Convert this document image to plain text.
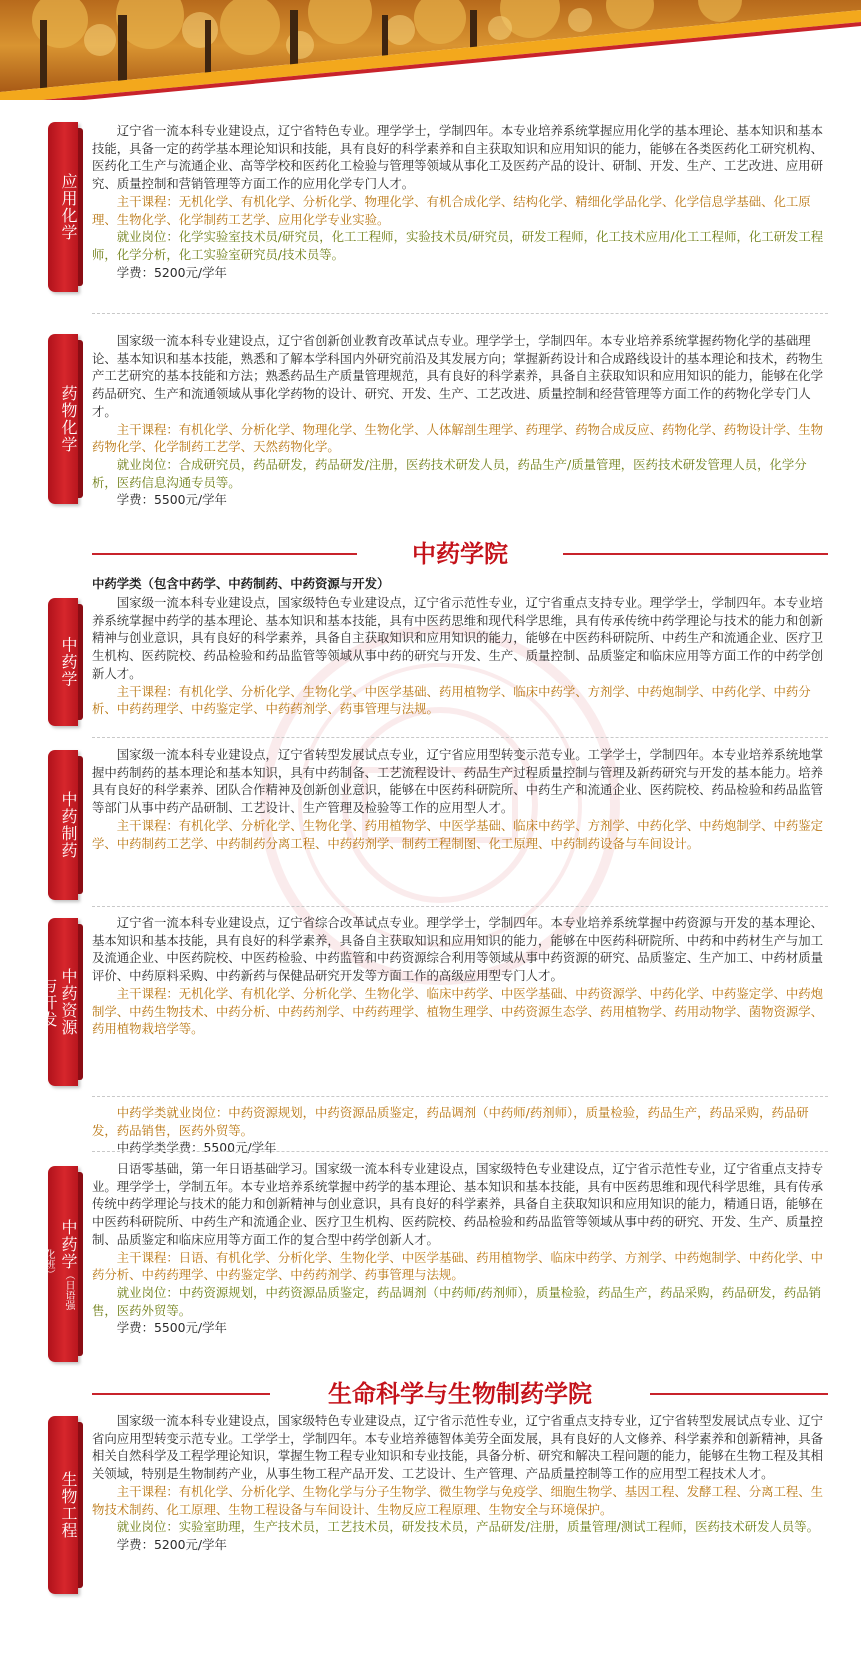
应用化学

辽宁省一流本科专业建设点，辽宁省特色专业。理学学士，学制四年。本专业培养系统掌握应用化学的基本理论、基本知识和基本技能，具备一定的药学基本理论知识和技能，具有良好的科学素养和自主获取知识和应用知识的能力，能够在各类医药化工研究机构、医药化工生产与流通企业、高等学校和医药化工检验与管理等领域从事化工及医药产品的设计、研制、开发、生产、工艺改进、应用研究、质量控制和营销管理等方面工作的应用化学专门人才。

主干课程：无机化学、有机化学、分析化学、物理化学、有机合成化学、结构化学、精细化学品化学、化学信息学基础、化工原理、生物化学、化学制药工艺学、应用化学专业实验。

就业岗位：化学实验室技术员/研究员，化工工程师，实验技术员/研究员，研发工程师，化工技术应用/化工工程师，化工研发工程师，化学分析，化工实验室研究员/技术员等。

学费：5200元/学年

药物化学

国家级一流本科专业建设点，辽宁省创新创业教育改革试点专业。理学学士，学制四年。本专业培养系统掌握药物化学的基础理论、基本知识和基本技能，熟悉和了解本学科国内外研究前沿及其发展方向；掌握新药设计和合成路线设计的基本理论和技术，药物生产工艺研究的基本技能和方法；熟悉药品生产质量管理规范，具有良好的科学素养，具备自主获取知识和应用知识的能力，能够在化学药品研究、生产和流通领域从事化学药物的设计、研究、开发、生产、工艺改进、质量控制和经营管理等方面工作的药物化学专门人才。

主干课程：有机化学、分析化学、物理化学、生物化学、人体解剖生理学、药理学、药物合成反应、药物化学、药物设计学、生物药物化学、化学制药工艺学、天然药物化学。

就业岗位：合成研究员，药品研发，药品研发/注册，医药技术研发人员，药品生产/质量管理，医药技术研发管理人员，化学分析，医药信息沟通专员等。

学费：5500元/学年

中药学院
中药学类（包含中药学、中药制药、中药资源与开发）
中药学

国家级一流本科专业建设点，国家级特色专业建设点，辽宁省示范性专业，辽宁省重点支持专业。理学学士，学制四年。本专业培养系统掌握中药学的基本理论、基本知识和基本技能，具有中医药思维和现代科学思维，具有传承传统中药学理论与技术的能力和创新精神与创业意识，具有良好的科学素养，具备自主获取知识和应用知识的能力，能够在中医药科研院所、中药生产和流通企业、医疗卫生机构、医药院校、药品检验和药品监管等领域从事中药的研究与开发、生产、质量控制、品质鉴定和临床应用等方面工作的中药学创新人才。

主干课程：有机化学、分析化学、生物化学、中医学基础、药用植物学、临床中药学、方剂学、中药炮制学、中药化学、中药分析、中药药理学、中药鉴定学、中药药剂学、药事管理与法规。

中药制药

国家级一流本科专业建设点，辽宁省转型发展试点专业，辽宁省应用型转变示范专业。工学学士，学制四年。本专业培养系统地掌握中药制药的基本理论和基本知识，具有中药制备、工艺流程设计、药品生产过程质量控制与管理及新药研究与开发的基本能力。培养具有良好的科学素养、团队合作精神及创新创业意识，能够在中医药科研院所、中药生产和流通企业、医药院校、药品检验和药品监管等部门从事中药产品研制、工艺设计、生产管理及检验等工作的应用型人才。

主干课程：有机化学、分析化学、生物化学、药用植物学、中医学基础、临床中药学、方剂学、中药化学、中药炮制学、中药鉴定学、中药制药工艺学、中药制药分离工程、中药药剂学、制药工程制图、化工原理、中药制药设备与车间设计。

中药资源与开发

辽宁省一流本科专业建设点，辽宁省综合改革试点专业。理学学士，学制四年。本专业培养系统掌握中药资源与开发的基本理论、基本知识和基本技能，具有良好的科学素养，具备自主获取知识和应用知识的能力，能够在中医药科研院所、中药和中药材生产与加工及流通企业、中医药院校、中医药检验、中药监管和中药资源综合利用等领域从事中药资源的研究、品质鉴定、生产加工、中药材质量评价、中药原料采购、中药新药与保健品研究开发等方面工作的高级应用型专门人才。

主干课程：无机化学、有机化学、分析化学、生物化学、临床中药学、中医学基础、中药资源学、中药化学、中药鉴定学、中药炮制学、中药生物技术、中药分析、中药药剂学、中药药理学、植物生理学、中药资源生态学、药用植物学、药用动物学、菌物资源学、药用植物栽培学等。

中药学类就业岗位：中药资源规划，中药资源品质鉴定，药品调剂（中药师/药剂师），质量检验，药品生产，药品采购，药品研发，药品销售，医药外贸等。

中药学类学费：5500元/学年

中药学（日语强化班）

日语零基础，第一年日语基础学习。国家级一流本科专业建设点，国家级特色专业建设点，辽宁省示范性专业，辽宁省重点支持专业。理学学士，学制五年。本专业培养系统掌握中药学的基本理论、基本知识和基本技能，具有中医药思维和现代科学思维，具有传承传统中药学理论与技术的能力和创新精神与创业意识，具有良好的科学素养，具备自主获取知识和应用知识的能力，精通日语，能够在中医药科研院所、中药生产和流通企业、医疗卫生机构、医药院校、药品检验和药品监管等领域从事中药的研究、开发、生产、质量控制、品质鉴定和临床应用等方面工作的复合型中药学创新人才。

主干课程：日语、有机化学、分析化学、生物化学、中医学基础、药用植物学、临床中药学、方剂学、中药炮制学、中药化学、中药分析、中药药理学、中药鉴定学、中药药剂学、药事管理与法规。

就业岗位：中药资源规划，中药资源品质鉴定，药品调剂（中药师/药剂师），质量检验，药品生产，药品采购，药品研发，药品销售，医药外贸等。

学费：5500元/学年

生命科学与生物制药学院
生物工程

国家级一流本科专业建设点，国家级特色专业建设点，辽宁省示范性专业，辽宁省重点支持专业，辽宁省转型发展试点专业、辽宁省向应用型转变示范专业。工学学士，学制四年。本专业培养德智体美劳全面发展，具有良好的人文修养、科学素养和创新精神，具备相关自然科学及工程学理论知识，掌握生物工程专业知识和专业技能，具备分析、研究和解决工程问题的能力，能够在生物工程及其相关领域，特别是生物制药产业，从事生物工程产品开发、工艺设计、生产管理、产品质量控制等工作的应用型工程技术人才。

主干课程：有机化学、分析化学、生物化学与分子生物学、微生物学与免疫学、细胞生物学、基因工程、发酵工程、分离工程、生物技术制药、化工原理、生物工程设备与车间设计、生物反应工程原理、生物安全与环境保护。

就业岗位：实验室助理，生产技术员，工艺技术员，研发技术员，产品研发/注册，质量管理/测试工程师，医药技术研发人员等。

学费：5200元/学年
